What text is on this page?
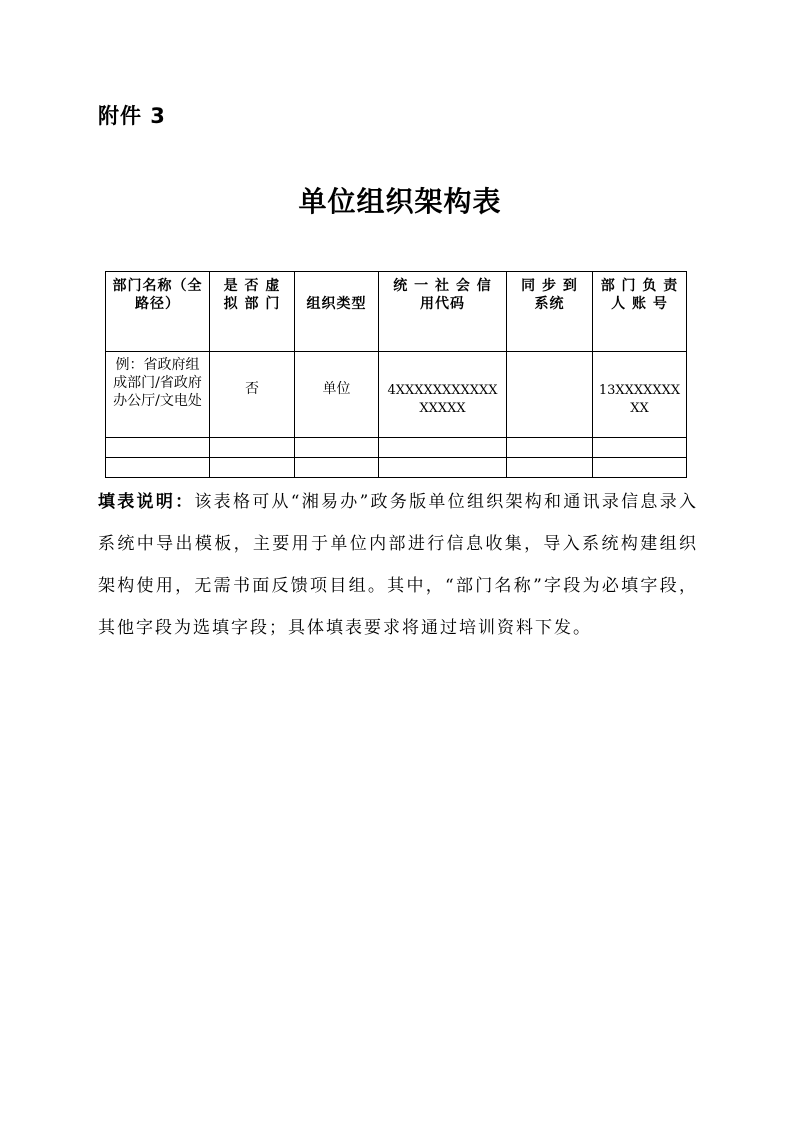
附件 3
单位组织架构表
部门名称（全路径）	是 否 虚 拟 部 门	组织类型	统 一 社 会 信 用代码	同 步 到 系统	部 门 负 责 人 账 号
例：省政府组成部门/省政府办公厅/文电处	否	单位	4XXXXXXXXXXXXXXXX		13XXXXXXXXX

填表说明：该表格可从“湘易办”政务版单位组织架构和通讯录信息录入系统中导出模板，主要用于单位内部进行信息收集，导入系统构建组织架构使用，无需书面反馈项目组。其中，“部门名称”字段为必填字段，其他字段为选填字段；具体填表要求将通过培训资料下发。
